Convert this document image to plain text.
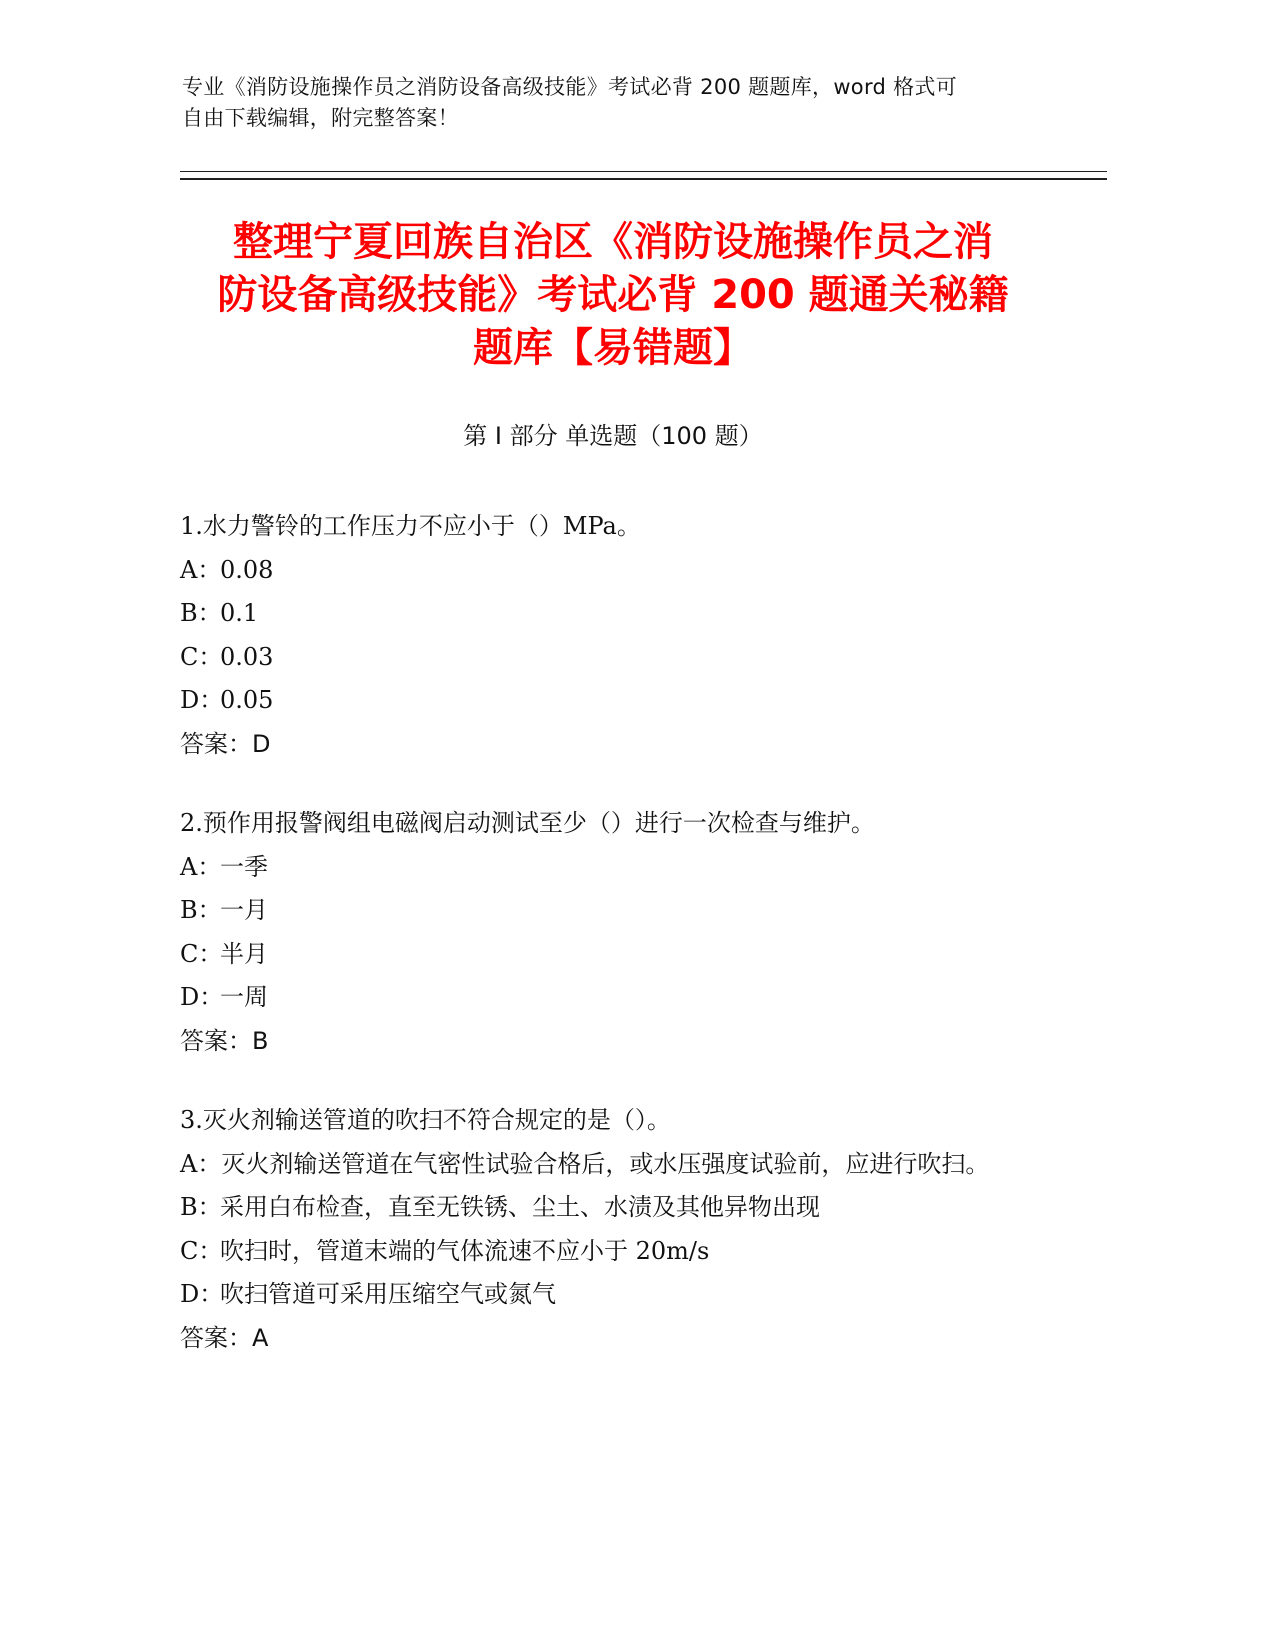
专业《消防设施操作员之消防设备高级技能》考试必背 200 题题库，word 格式可
自由下载编辑，附完整答案！
整理宁夏回族自治区《消防设施操作员之消
防设备高级技能》考试必背 200 题通关秘籍
题库【易错题】
第 I 部分 单选题（100 题）
1.水力警铃的工作压力不应小于（）MPa。
A：0.08
B：0.1
C：0.03
D：0.05
答案：D
2.预作用报警阀组电磁阀启动测试至少（）进行一次检查与维护。
A：一季
B：一月
C：半月
D：一周
答案：B
3.灭火剂输送管道的吹扫不符合规定的是（）。
A：灭火剂输送管道在气密性试验合格后，或水压强度试验前，应进行吹扫。
B：采用白布检查，直至无铁锈、尘土、水渍及其他异物出现
C：吹扫时，管道末端的气体流速不应小于 20m/s
D：吹扫管道可采用压缩空气或氮气
答案：A
